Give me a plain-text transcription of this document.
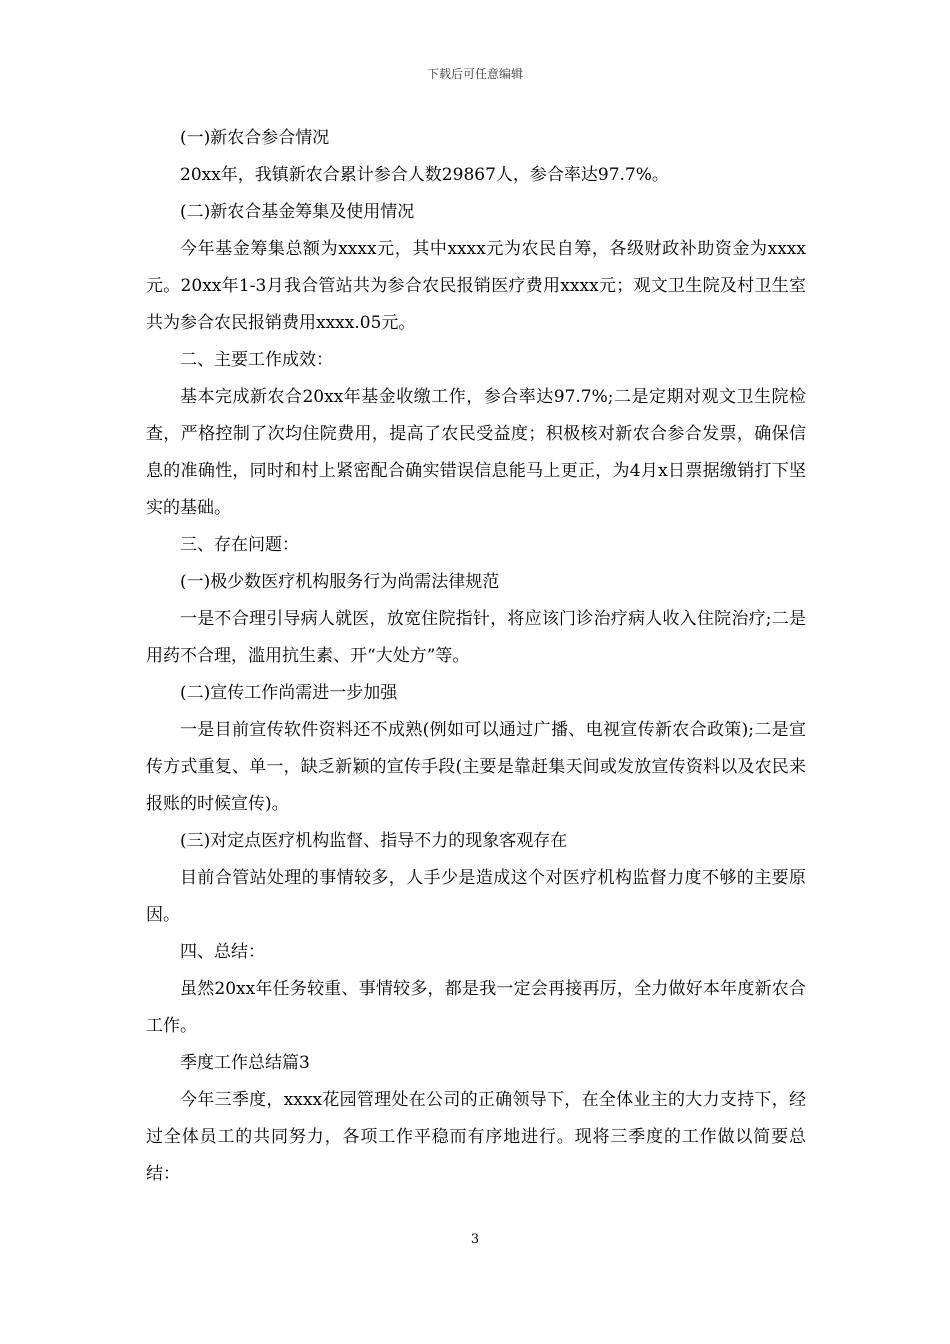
下载后可任意编辑

(一)新农合参合情况

20xx年，我镇新农合累计参合人数29867人，参合率达97.7%。

(二)新农合基金筹集及使用情况

今年基金筹集总额为xxxx元，其中xxxx元为农民自筹，各级财政补助资金为xxxx元。20xx年1-3月我合管站共为参合农民报销医疗费用xxxx元；观文卫生院及村卫生室共为参合农民报销费用xxxx.05元。

二、主要工作成效：

基本完成新农合20xx年基金收缴工作，参合率达97.7%;二是定期对观文卫生院检查，严格控制了次均住院费用，提高了农民受益度；积极核对新农合参合发票，确保信息的准确性，同时和村上紧密配合确实错误信息能马上更正，为4月x日票据缴销打下坚实的基础。

三、存在问题：

(一)极少数医疗机构服务行为尚需法律规范

一是不合理引导病人就医，放宽住院指针，将应该门诊治疗病人收入住院治疗;二是用药不合理，滥用抗生素、开“大处方”等。

(二)宣传工作尚需进一步加强

一是目前宣传软件资料还不成熟(例如可以通过广播、电视宣传新农合政策);二是宣传方式重复、单一，缺乏新颖的宣传手段(主要是靠赶集天间或发放宣传资料以及农民来报账的时候宣传)。

(三)对定点医疗机构监督、指导不力的现象客观存在

目前合管站处理的事情较多，人手少是造成这个对医疗机构监督力度不够的主要原因。

四、总结：

虽然20xx年任务较重、事情较多，都是我一定会再接再厉，全力做好本年度新农合工作。

季度工作总结篇3

今年三季度，xxxx花园管理处在公司的正确领导下，在全体业主的大力支持下，经过全体员工的共同努力，各项工作平稳而有序地进行。现将三季度的工作做以简要总结：

3
